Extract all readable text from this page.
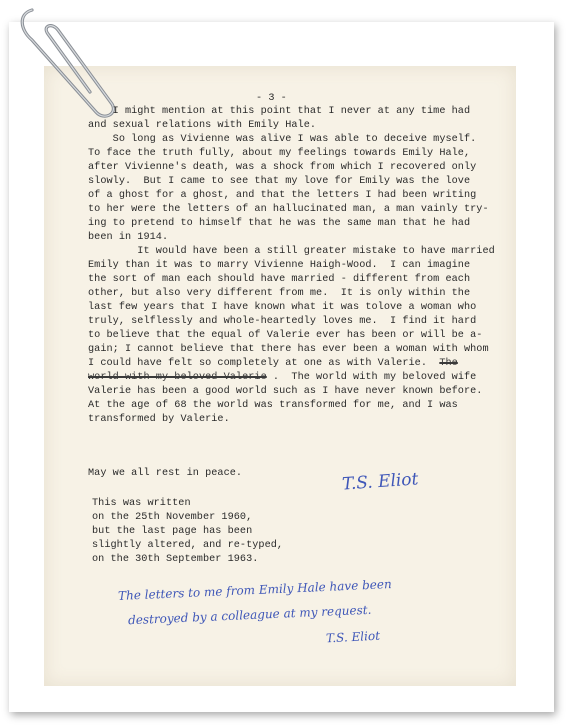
- 3 -
I might mention at this point that I never at any time had
and sexual relations with Emily Hale.
So long as Vivienne was alive I was able to deceive myself.
To face the truth fully, about my feelings towards Emily Hale,
after Vivienne's death, was a shock from which I recovered only
slowly.  But I came to see that my love for Emily was the love
of a ghost for a ghost, and that the letters I had been writing
to her were the letters of an hallucinated man, a man vainly try-
ing to pretend to himself that he was the same man that he had
been in 1914.
It would have been a still greater mistake to have married
Emily than it was to marry Vivienne Haigh-Wood.  I can imagine
the sort of man each should have married - different from each
other, but also very different from me.  It is only within the
last few years that I have known what it was tolove a woman who
truly, selflessly and whole-heartedly loves me.  I find it hard
to believe that the equal of Valerie ever has been or will be a-
gain; I cannot believe that there has ever been a woman with whom
I could have felt so completely at one as with Valerie.  The
world with my beloved Valerie .  The world with my beloved wife
Valerie has been a good world such as I have never known before.
At the age of 68 the world was transformed for me, and I was
transformed by Valerie.
May we all rest in peace.	T.S. Eliot
This was written
on the 25th November 1960,
but the last page has been
slightly altered, and re-typed,
on the 30th September 1963.
The letters to me from Emily Hale have been
destroyed by a colleague at my request.
T.S. Eliot
